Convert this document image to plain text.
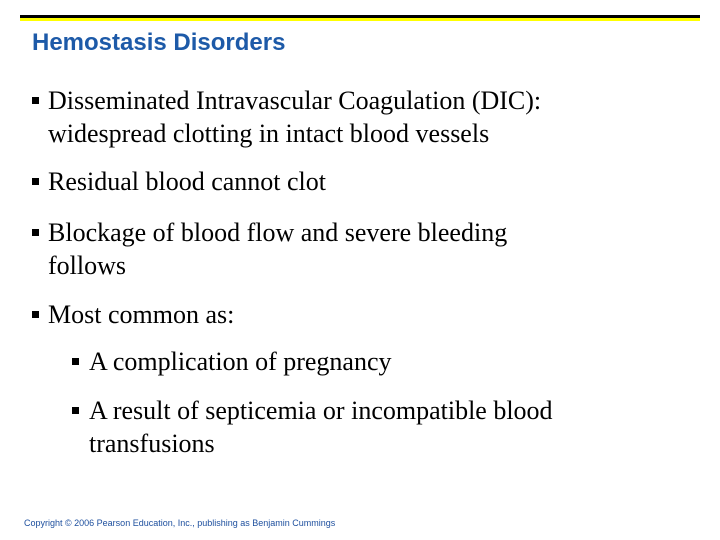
Hemostasis Disorders
Disseminated Intravascular Coagulation (DIC):
widespread clotting in intact blood vessels
Residual blood cannot clot
Blockage of blood flow and severe bleeding
follows
Most common as:
A complication of pregnancy
A result of septicemia or incompatible blood
transfusions
Copyright © 2006 Pearson Education, Inc., publishing as Benjamin Cummings
